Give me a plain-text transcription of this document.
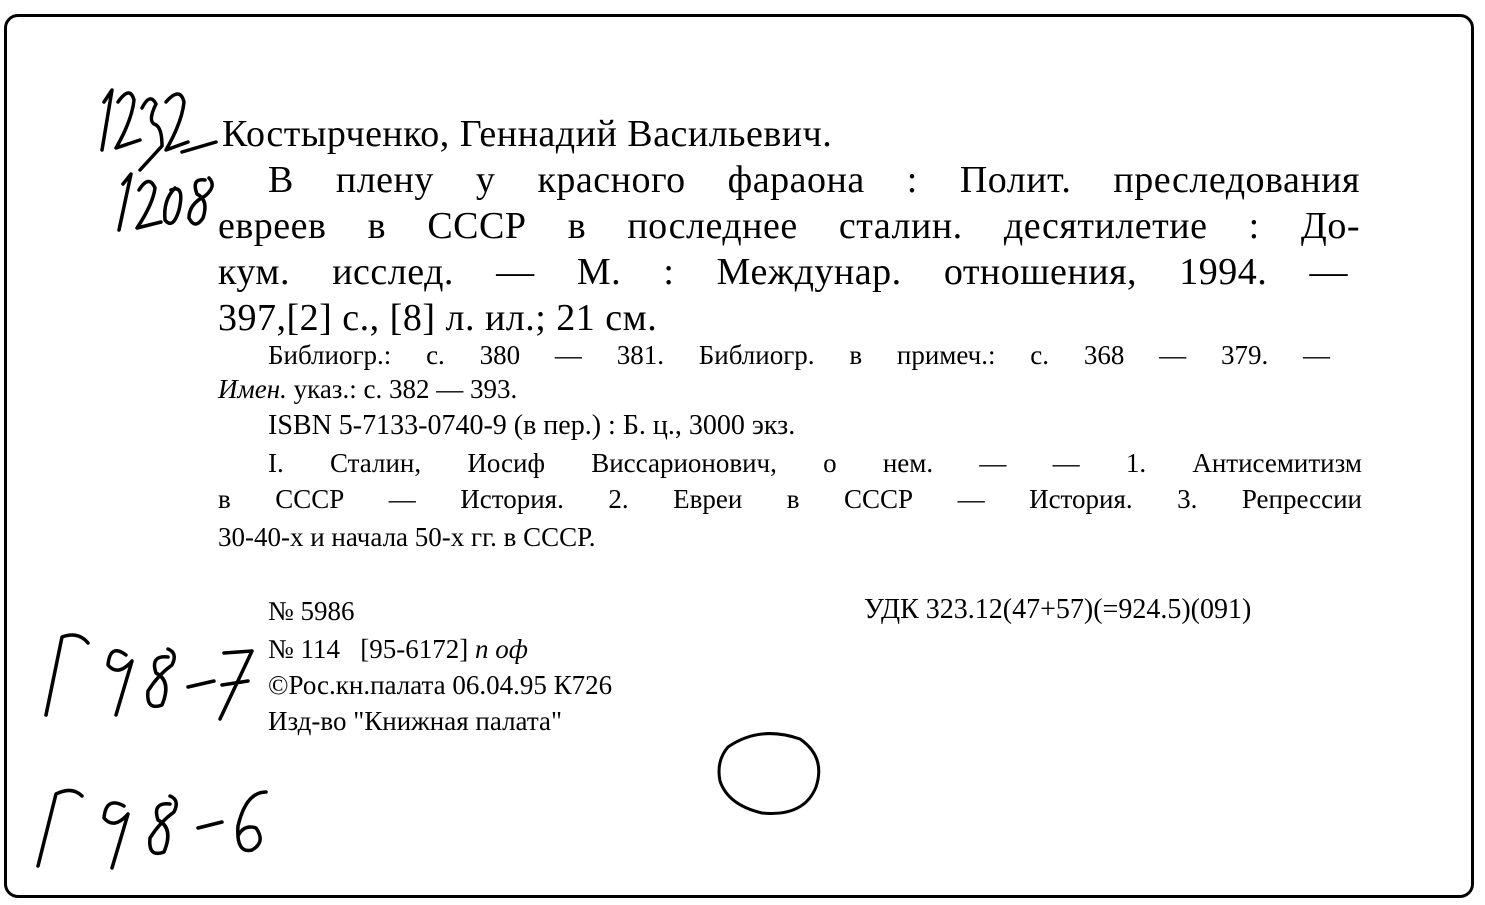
Костырченко, Геннадий Васильевич.
В плену у красного фараона : Полит. преследования
евреев в СССР в последнее сталин. десятилетие : До-
кум. исслед. — М. : Междунар. отношения, 1994. —
397,[2] с., [8] л. ил.; 21 см.
Библиогр.: с. 380 — 381. Библиогр. в примеч.: с. 368 — 379. —
Имен. указ.: с. 382 — 393.
ISBN 5-7133-0740-9 (в пер.) : Б. ц., 3000 экз.
I. Сталин, Иосиф Виссарионович, о нем. — — 1. Антисемитизм
в СССР — История. 2. Евреи в СССР — История. 3. Репрессии
30-40-х и начала 50-х гг. в СССР.
№ 5986	УДК 323.12(47+57)(=924.5)(091)
№ 114 [95-6172] п оф
©Рос.кн.палата 06.04.95 К726
Изд-во "Книжная палата"
